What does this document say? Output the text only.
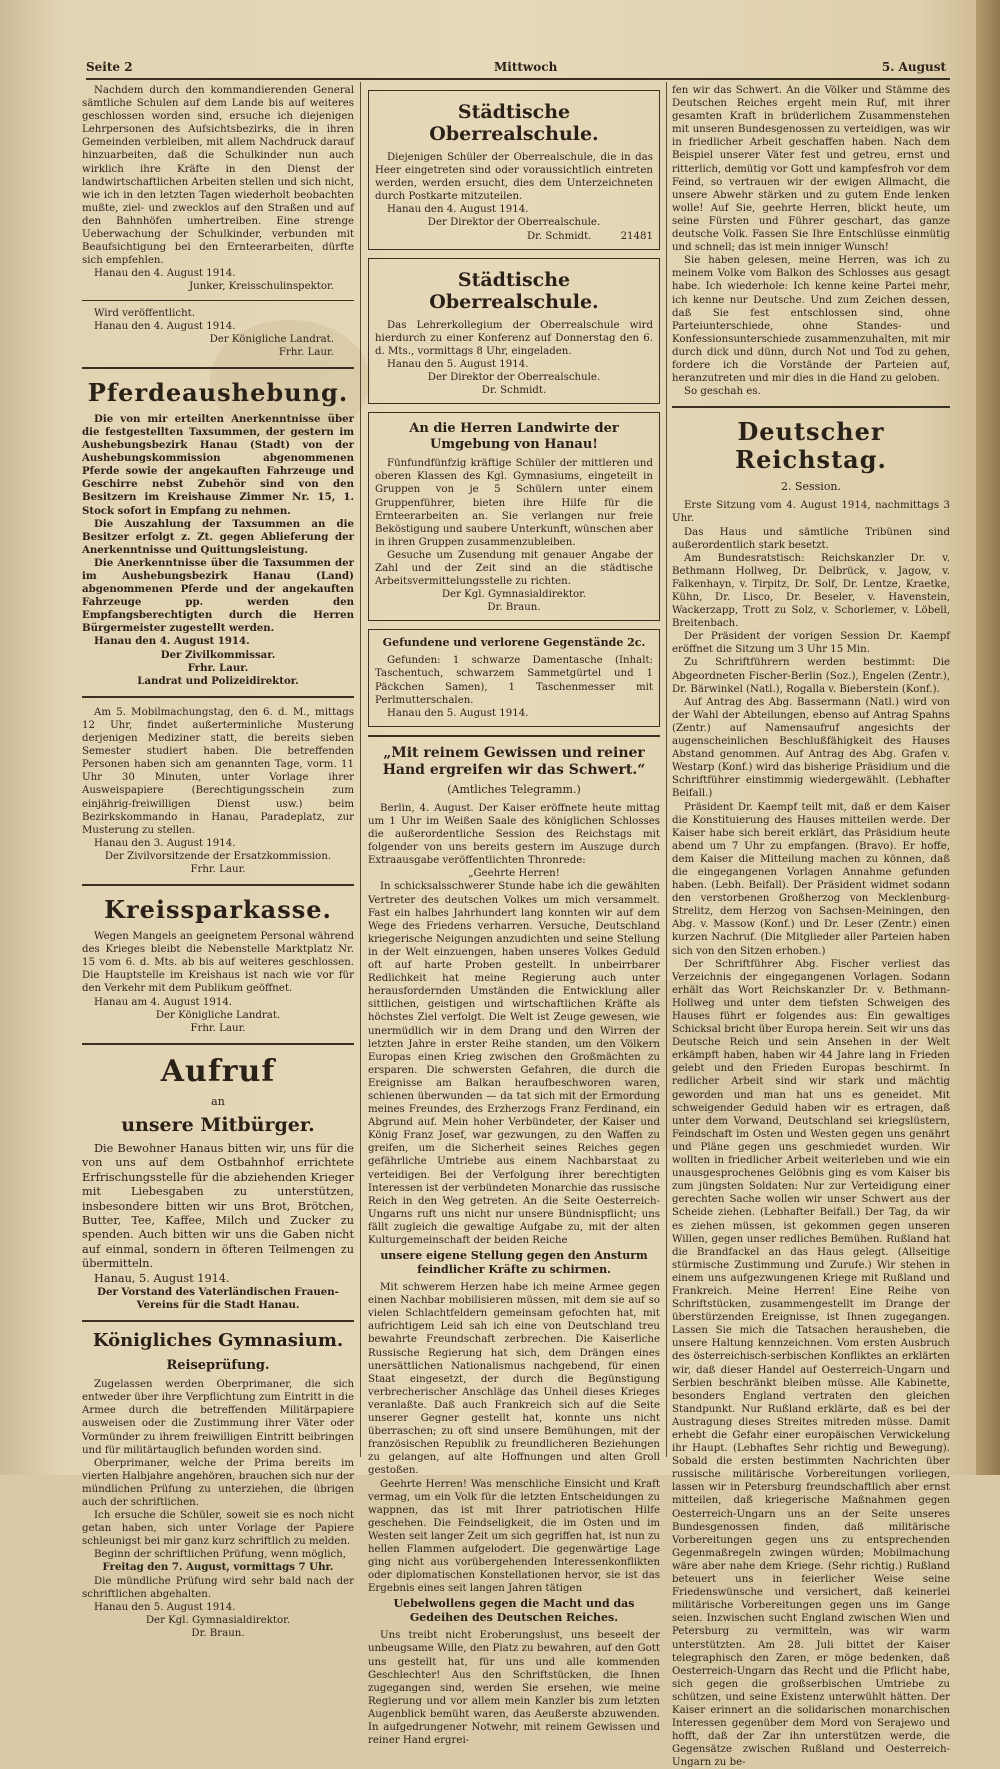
Seite 2	Mittwoch	5. August

Nachdem durch den kommandierenden General sämtliche Schulen auf dem Lande bis auf weiteres geschlossen worden sind, ersuche ich diejenigen Lehrpersonen des Aufsichtsbezirks, die in ihren Gemeinden verbleiben, mit allem Nachdruck darauf hinzuarbeiten, daß die Schulkinder nun auch wirklich ihre Kräfte in den Dienst der landwirtschaftlichen Arbeiten stellen und sich nicht, wie ich in den letzten Tagen wiederholt beobachten mußte, ziel- und zwecklos auf den Straßen und auf den Bahnhöfen umhertreiben. Eine strenge Ueberwachung der Schulkinder, verbunden mit Beaufsichtigung bei den Ernteerarbeiten, dürfte sich empfehlen.

Hanau den 4. August 1914.

Junker, Kreisschulinspektor.

Wird veröffentlicht.

Hanau den 4. August 1914.

Der Königliche Landrat.

Frhr. Laur.

Pferdeaushebung.

Die von mir erteilten Anerkenntnisse über die festgestellten Taxsummen, der gestern im Aushebungsbezirk Hanau (Stadt) von der Aushebungskommission abgenommenen Pferde sowie der angekauften Fahrzeuge und Geschirre nebst Zubehör sind von den Besitzern im Kreishause Zimmer Nr. 15, 1. Stock sofort in Empfang zu nehmen.

Die Auszahlung der Taxsummen an die Besitzer erfolgt z. Zt. gegen Ablieferung der Anerkenntnisse und Quittungsleistung.

Die Anerkenntnisse über die Taxsummen der im Aushebungsbezirk Hanau (Land) abgenommenen Pferde und der angekauften Fahrzeuge pp. werden den Empfangsberechtigten durch die Herren Bürgermeister zugestellt werden.

Hanau den 4. August 1914.

Der Zivilkommissar.

Frhr. Laur.

Landrat und Polizeidirektor.

Am 5. Mobilmachungstag, den 6. d. M., mittags 12 Uhr, findet außerterminliche Musterung derjenigen Mediziner statt, die bereits sieben Semester studiert haben. Die betreffenden Personen haben sich am genannten Tage, vorm. 11 Uhr 30 Minuten, unter Vorlage ihrer Ausweispapiere (Berechtigungsschein zum einjährig-freiwilligen Dienst usw.) beim Bezirkskommando in Hanau, Paradeplatz, zur Musterung zu stellen.

Hanau den 3. August 1914.

Der Zivilvorsitzende der Ersatzkommission.

Frhr. Laur.

Kreissparkasse.

Wegen Mangels an geeignetem Personal während des Krieges bleibt die Nebenstelle Marktplatz Nr. 15 vom 6. d. Mts. ab bis auf weiteres geschlossen. Die Hauptstelle im Kreishaus ist nach wie vor für den Verkehr mit dem Publikum geöffnet.

Hanau am 4. August 1914.

Der Königliche Landrat.

Frhr. Laur.

Aufruf

an

unsere Mitbürger.

Die Bewohner Hanaus bitten wir, uns für die von uns auf dem Ostbahnhof errichtete Erfrischungsstelle für die abziehenden Krieger mit Liebesgaben zu unterstützen, insbesondere bitten wir uns Brot, Brötchen, Butter, Tee, Kaffee, Milch und Zucker zu spenden. Auch bitten wir uns die Gaben nicht auf einmal, sondern in öfteren Teilmengen zu übermitteln.

Hanau, 5. August 1914.

Der Vorstand des Vaterländischen Frauen-Vereins für die Stadt Hanau.

Königliches Gymnasium.
Reiseprüfung.

Zugelassen werden Oberprimaner, die sich entweder über ihre Verpflichtung zum Eintritt in die Armee durch die betreffenden Militärpapiere ausweisen oder die Zustimmung ihrer Väter oder Vormünder zu ihrem freiwilligen Eintritt beibringen und für militärtauglich befunden worden sind.

Oberprimaner, welche der Prima bereits im vierten Halbjahre angehören, brauchen sich nur der mündlichen Prüfung zu unterziehen, die übrigen auch der schriftlichen.

Ich ersuche die Schüler, soweit sie es noch nicht getan haben, sich unter Vorlage der Papiere schleunigst bei mir ganz kurz schriftlich zu melden.

Beginn der schriftlichen Prüfung, wenn möglich,

Freitag den 7. August, vormittags 7 Uhr.

Die mündliche Prüfung wird sehr bald nach der schriftlichen abgehalten.

Hanau den 5. August 1914.

Der Kgl. Gymnasialdirektor.

Dr. Braun.

Städtische Oberrealschule.

Diejenigen Schüler der Oberrealschule, die in das Heer eingetreten sind oder voraussichtlich eintreten werden, werden ersucht, dies dem Unterzeichneten durch Postkarte mitzuteilen.

Hanau den 4. August 1914.

Der Direktor der Oberrealschule.

Dr. Schmidt.	21481

Städtische Oberrealschule.

Das Lehrerkollegium der Oberrealschule wird hierdurch zu einer Konferenz auf Donnerstag den 6. d. Mts., vormittags 8 Uhr, eingeladen.

Hanau den 5. August 1914.

Der Direktor der Oberrealschule.

Dr. Schmidt.

An die Herren Landwirte der Umgebung von Hanau!

Fünfundfünfzig kräftige Schüler der mittleren und oberen Klassen des Kgl. Gymnasiums, eingeteilt in Gruppen von je 5 Schülern unter einem Gruppenführer, bieten ihre Hilfe für die Ernteerarbeiten an. Sie verlangen nur freie Beköstigung und saubere Unterkunft, wünschen aber in ihren Gruppen zusammenzubleiben.

Gesuche um Zusendung mit genauer Angabe der Zahl und der Zeit sind an die städtische Arbeitsvermittelungsstelle zu richten.

Der Kgl. Gymnasialdirektor.

Dr. Braun.

Gefundene und verlorene Gegenstände 2c.

Gefunden: 1 schwarze Damentasche (Inhalt: Taschentuch, schwarzem Sammetgürtel und 1 Päckchen Samen), 1 Taschenmesser mit Perlmutterschalen.

Hanau den 5. August 1914.

„Mit reinem Gewissen und reiner Hand ergreifen wir das Schwert.“

(Amtliches Telegramm.)

Berlin, 4. August. Der Kaiser eröffnete heute mittag um 1 Uhr im Weißen Saale des königlichen Schlosses die außerordentliche Session des Reichstags mit folgender von uns bereits gestern im Auszuge durch Extraausgabe veröffentlichten Thronrede:

„Geehrte Herren!

In schicksalsschwerer Stunde habe ich die gewählten Vertreter des deutschen Volkes um mich versammelt. Fast ein halbes Jahrhundert lang konnten wir auf dem Wege des Friedens verharren. Versuche, Deutschland kriegerische Neigungen anzudichten und seine Stellung in der Welt einzuengen, haben unseres Volkes Geduld oft auf harte Proben gestellt. In unbeirrbarer Redlichkeit hat meine Regierung auch unter herausfordernden Umständen die Entwicklung aller sittlichen, geistigen und wirtschaftlichen Kräfte als höchstes Ziel verfolgt. Die Welt ist Zeuge gewesen, wie unermüdlich wir in dem Drang und den Wirren der letzten Jahre in erster Reihe standen, um den Völkern Europas einen Krieg zwischen den Großmächten zu ersparen. Die schwersten Gefahren, die durch die Ereignisse am Balkan heraufbeschworen waren, schienen überwunden — da tat sich mit der Ermordung meines Freundes, des Erzherzogs Franz Ferdinand, ein Abgrund auf. Mein hoher Verbündeter, der Kaiser und König Franz Josef, war gezwungen, zu den Waffen zu greifen, um die Sicherheit seines Reiches gegen gefährliche Umtriebe aus einem Nachbarstaat zu verteidigen. Bei der Verfolgung ihrer berechtigten Interessen ist der verbündeten Monarchie das russische Reich in den Weg getreten. An die Seite Oesterreich-Ungarns ruft uns nicht nur unsere Bündnispflicht; uns fällt zugleich die gewaltige Aufgabe zu, mit der alten Kulturgemeinschaft der beiden Reiche

unsere eigene Stellung gegen den Ansturm feindlicher Kräfte zu schirmen.

Mit schwerem Herzen habe ich meine Armee gegen einen Nachbar mobilisieren müssen, mit dem sie auf so vielen Schlachtfeldern gemeinsam gefochten hat, mit aufrichtigem Leid sah ich eine von Deutschland treu bewahrte Freundschaft zerbrechen. Die Kaiserliche Russische Regierung hat sich, dem Drängen eines unersättlichen Nationalismus nachgebend, für einen Staat eingesetzt, der durch die Begünstigung verbrecherischer Anschläge das Unheil dieses Krieges veranlaßte. Daß auch Frankreich sich auf die Seite unserer Gegner gestellt hat, konnte uns nicht überraschen; zu oft sind unsere Bemühungen, mit der französischen Republik zu freundlicheren Beziehungen zu gelangen, auf alte Hoffnungen und alten Groll gestoßen.

Geehrte Herren! Was menschliche Einsicht und Kraft vermag, um ein Volk für die letzten Entscheidungen zu wappnen, das ist mit Ihrer patriotischen Hilfe geschehen. Die Feindseligkeit, die im Osten und im Westen seit langer Zeit um sich gegriffen hat, ist nun zu hellen Flammen aufgelodert. Die gegenwärtige Lage ging nicht aus vorübergehenden Interessenkonflikten oder diplomatischen Konstellationen hervor, sie ist das Ergebnis eines seit langen Jahren tätigen

Uebelwollens gegen die Macht und das Gedeihen des Deutschen Reiches.

Uns treibt nicht Eroberungslust, uns beseelt der unbeugsame Wille, den Platz zu bewahren, auf den Gott uns gestellt hat, für uns und alle kommenden Geschlechter! Aus den Schriftstücken, die Ihnen zugegangen sind, werden Sie ersehen, wie meine Regierung und vor allem mein Kanzler bis zum letzten Augenblick bemüht waren, das Aeußerste abzuwenden. In aufgedrungener Notwehr, mit reinem Gewissen und reiner Hand ergrei-

fen wir das Schwert. An die Völker und Stämme des Deutschen Reiches ergeht mein Ruf, mit ihrer gesamten Kraft in brüderlichem Zusammenstehen mit unseren Bundesgenossen zu verteidigen, was wir in friedlicher Arbeit geschaffen haben. Nach dem Beispiel unserer Väter fest und getreu, ernst und ritterlich, demütig vor Gott und kampfesfroh vor dem Feind, so vertrauen wir der ewigen Allmacht, die unsere Abwehr stärken und zu gutem Ende lenken wolle! Auf Sie, geehrte Herren, blickt heute, um seine Fürsten und Führer geschart, das ganze deutsche Volk. Fassen Sie Ihre Entschlüsse einmütig und schnell; das ist mein inniger Wunsch!

Sie haben gelesen, meine Herren, was ich zu meinem Volke vom Balkon des Schlosses aus gesagt habe. Ich wiederhole: Ich kenne keine Partei mehr, ich kenne nur Deutsche. Und zum Zeichen dessen, daß Sie fest entschlossen sind, ohne Parteiunterschiede, ohne Standes- und Konfessionsunterschiede zusammenzuhalten, mit mir durch dick und dünn, durch Not und Tod zu gehen, fordere ich die Vorstände der Parteien auf, heranzutreten und mir dies in die Hand zu geloben.

So geschah es.

Deutscher Reichstag.

2. Session.

Erste Sitzung vom 4. August 1914, nachmittags 3 Uhr.

Das Haus und sämtliche Tribünen sind außerordentlich stark besetzt.

Am Bundesratstisch: Reichskanzler Dr. v. Bethmann Hollweg, Dr. Delbrück, v. Jagow, v. Falkenhayn, v. Tirpitz, Dr. Solf, Dr. Lentze, Kraetke, Kühn, Dr. Lisco, Dr. Beseler, v. Havenstein, Wackerzapp, Trott zu Solz, v. Schorlemer, v. Löbell, Breitenbach.

Der Präsident der vorigen Session Dr. Kaempf eröffnet die Sitzung um 3 Uhr 15 Min.

Zu Schriftführern werden bestimmt: Die Abgeordneten Fischer-Berlin (Soz.), Engelen (Zentr.), Dr. Bärwinkel (Natl.), Rogalla v. Bieberstein (Konf.).

Auf Antrag des Abg. Bassermann (Natl.) wird von der Wahl der Abteilungen, ebenso auf Antrag Spahns (Zentr.) auf Namensaufruf angesichts der augenscheinlichen Beschlußfähigkeit des Hauses Abstand genommen. Auf Antrag des Abg. Grafen v. Westarp (Konf.) wird das bisherige Präsidium und die Schriftführer einstimmig wiedergewählt. (Lebhafter Beifall.)

Präsident Dr. Kaempf teilt mit, daß er dem Kaiser die Konstituierung des Hauses mitteilen werde. Der Kaiser habe sich bereit erklärt, das Präsidium heute abend um 7 Uhr zu empfangen. (Bravo). Er hoffe, dem Kaiser die Mitteilung machen zu können, daß die eingegangenen Vorlagen Annahme gefunden haben. (Lebh. Beifall). Der Präsident widmet sodann den verstorbenen Großherzog von Mecklenburg-Strelitz, dem Herzog von Sachsen-Meiningen, den Abg. v. Massow (Konf.) und Dr. Leser (Zentr.) einen kurzen Nachruf. (Die Mitglieder aller Parteien haben sich von den Sitzen erhoben.)

Der Schriftführer Abg. Fischer verliest das Verzeichnis der eingegangenen Vorlagen. Sodann erhält das Wort Reichskanzler Dr. v. Bethmann-Hollweg und unter dem tiefsten Schweigen des Hauses führt er folgendes aus: Ein gewaltiges Schicksal bricht über Europa herein. Seit wir uns das Deutsche Reich und sein Ansehen in der Welt erkämpft haben, haben wir 44 Jahre lang in Frieden gelebt und den Frieden Europas beschirmt. In redlicher Arbeit sind wir stark und mächtig geworden und man hat uns es geneidet. Mit schweigender Geduld haben wir es ertragen, daß unter dem Vorwand, Deutschland sei kriegslüstern, Feindschaft im Osten und Westen gegen uns genährt und Pläne gegen uns geschmiedet wurden. Wir wollten in friedlicher Arbeit weiterleben und wie ein unausgesprochenes Gelöbnis ging es vom Kaiser bis zum jüngsten Soldaten: Nur zur Verteidigung einer gerechten Sache wollen wir unser Schwert aus der Scheide ziehen. (Lebhafter Beifall.) Der Tag, da wir es ziehen müssen, ist gekommen gegen unseren Willen, gegen unser redliches Bemühen. Rußland hat die Brandfackel an das Haus gelegt. (Allseitige stürmische Zustimmung und Zurufe.) Wir stehen in einem uns aufgezwungenen Kriege mit Rußland und Frankreich. Meine Herren! Eine Reihe von Schriftstücken, zusammengestellt im Drange der überstürzenden Ereignisse, ist Ihnen zugegangen. Lassen Sie mich die Tatsachen herausheben, die unsere Haltung kennzeichnen. Vom ersten Ausbruch des österreichisch-serbischen Konfliktes an erklärten wir, daß dieser Handel auf Oesterreich-Ungarn und Serbien beschränkt bleiben müsse. Alle Kabinette, besonders England vertraten den gleichen Standpunkt. Nur Rußland erklärte, daß es bei der Austragung dieses Streites mitreden müsse. Damit erhebt die Gefahr einer europäischen Verwickelung ihr Haupt. (Lebhaftes Sehr richtig und Bewegung). Sobald die ersten bestimmten Nachrichten über russische militärische Vorbereitungen vorliegen, lassen wir in Petersburg freundschaftlich aber ernst mitteilen, daß kriegerische Maßnahmen gegen Oesterreich-Ungarn uns an der Seite unseres Bundesgenossen finden, daß militärische Vorbereitungen gegen uns zu entsprechenden Gegenmaßregeln zwingen würden; Mobilmachung wäre aber nahe dem Kriege. (Sehr richtig.) Rußland beteuert uns in feierlicher Weise seine Friedenswünsche und versichert, daß keinerlei militärische Vorbereitungen gegen uns im Gange seien. Inzwischen sucht England zwischen Wien und Petersburg zu vermitteln, was wir warm unterstützten. Am 28. Juli bittet der Kaiser telegraphisch den Zaren, er möge bedenken, daß Oesterreich-Ungarn das Recht und die Pflicht habe, sich gegen die großserbischen Umtriebe zu schützen, und seine Existenz unterwühlt hätten. Der Kaiser erinnert an die solidarischen monarchischen Interessen gegenüber dem Mord von Serajewo und hofft, daß der Zar ihn unterstützen werde, die Gegensätze zwischen Rußland und Oesterreich-Ungarn zu be-
